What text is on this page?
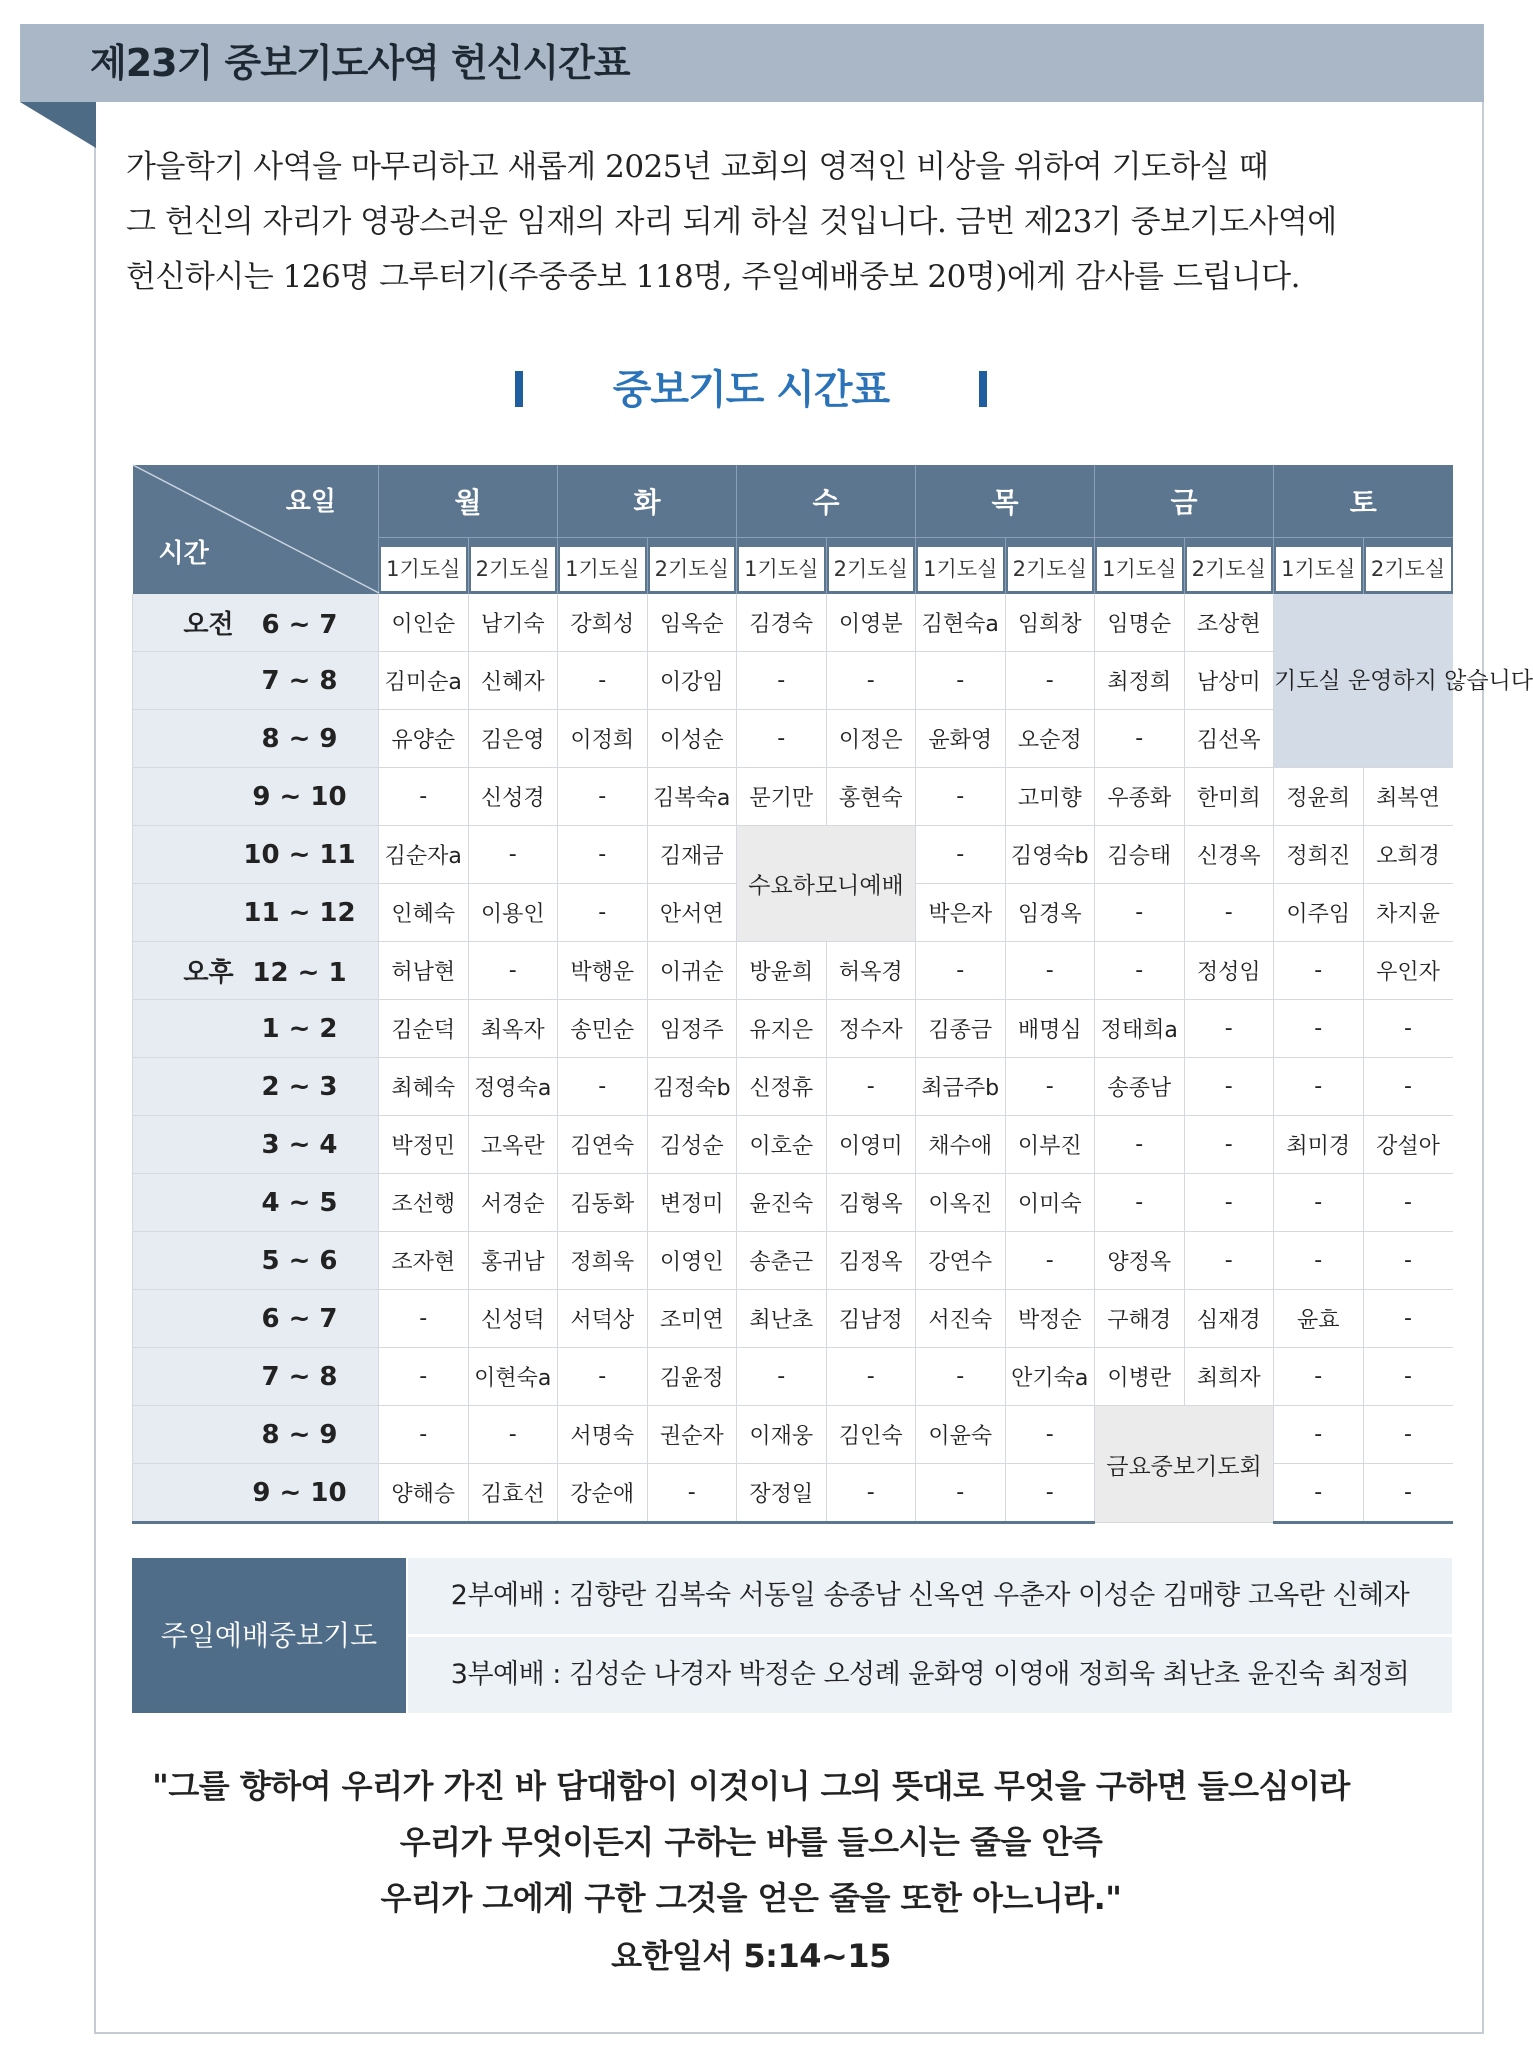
제23기 중보기도사역 헌신시간표
가을학기 사역을 마무리하고 새롭게 2025년 교회의 영적인 비상을 위하여 기도하실 때
그 헌신의 자리가 영광스러운 임재의 자리 되게 하실 것입니다. 금번 제23기 중보기도사역에
헌신하시는 126명 그루터기(주중중보 118명, 주일예배중보 20명)에게 감사를 드립니다.
중보기도 시간표
요일
시간	월		화		수		목		금		토	

	1기도실	2기도실	1기도실	2기도실	1기도실	2기도실	1기도실	2기도실	1기도실	2기도실	1기도실	2기도실

오전 6 ~ 7	이인순	남기숙	강희성	임옥순	김경숙	이영분	김현숙a	임희창	임명순	조상현	기도실 운영하지 않습니다	
7 ~ 8	김미순a	신혜자	-	이강임	-	-	-	-	최정희	남상미		
8 ~ 9	유양순	김은영	이정희	이성순	-	이정은	윤화영	오순정	-	김선옥		
9 ~ 10	-	신성경	-	김복숙a	문기만	홍현숙	-	고미향	우종화	한미희	정윤희	최복연
10 ~ 11	김순자a	-	-	김재금	수요하모니예배		-	김영숙b	김승태	신경옥	정희진	오희경
11 ~ 12	인혜숙	이용인	-	안서연			박은자	임경옥	-	-	이주임	차지윤
오후 12 ~ 1	허남현	-	박행운	이귀순	방윤희	허옥경	-	-	-	정성임	-	우인자
1 ~ 2	김순덕	최옥자	송민순	임정주	유지은	정수자	김종금	배명심	정태희a	-	-	-
2 ~ 3	최혜숙	정영숙a	-	김정숙b	신정휴	-	최금주b	-	송종남	-	-	-
3 ~ 4	박정민	고옥란	김연숙	김성순	이호순	이영미	채수애	이부진	-	-	최미경	강설아
4 ~ 5	조선행	서경순	김동화	변정미	윤진숙	김형옥	이옥진	이미숙	-	-	-	-
5 ~ 6	조자현	홍귀남	정희욱	이영인	송춘근	김정옥	강연수	-	양정옥	-	-	-
6 ~ 7	-	신성덕	서덕상	조미연	최난초	김남정	서진숙	박정순	구해경	심재경	윤효	-
7 ~ 8	-	이현숙a	-	김윤정	-	-	-	안기숙a	이병란	최희자	-	-
8 ~ 9	-	-	서명숙	권순자	이재웅	김인숙	이윤숙	-	금요중보기도회		-	-
9 ~ 10	양해승	김효선	강순애	-	장정일	-	-	-			-	-
주일예배중보기도
2부예배 : 김향란 김복숙 서동일 송종남 신옥연 우춘자 이성순 김매향 고옥란 신혜자
3부예배 : 김성순 나경자 박정순 오성례 윤화영 이영애 정희욱 최난초 윤진숙 최정희
"그를 향하여 우리가 가진 바 담대함이 이것이니 그의 뜻대로 무엇을 구하면 들으심이라
우리가 무엇이든지 구하는 바를 들으시는 줄을 안즉
우리가 그에게 구한 그것을 얻은 줄을 또한 아느니라."
요한일서 5:14~15
